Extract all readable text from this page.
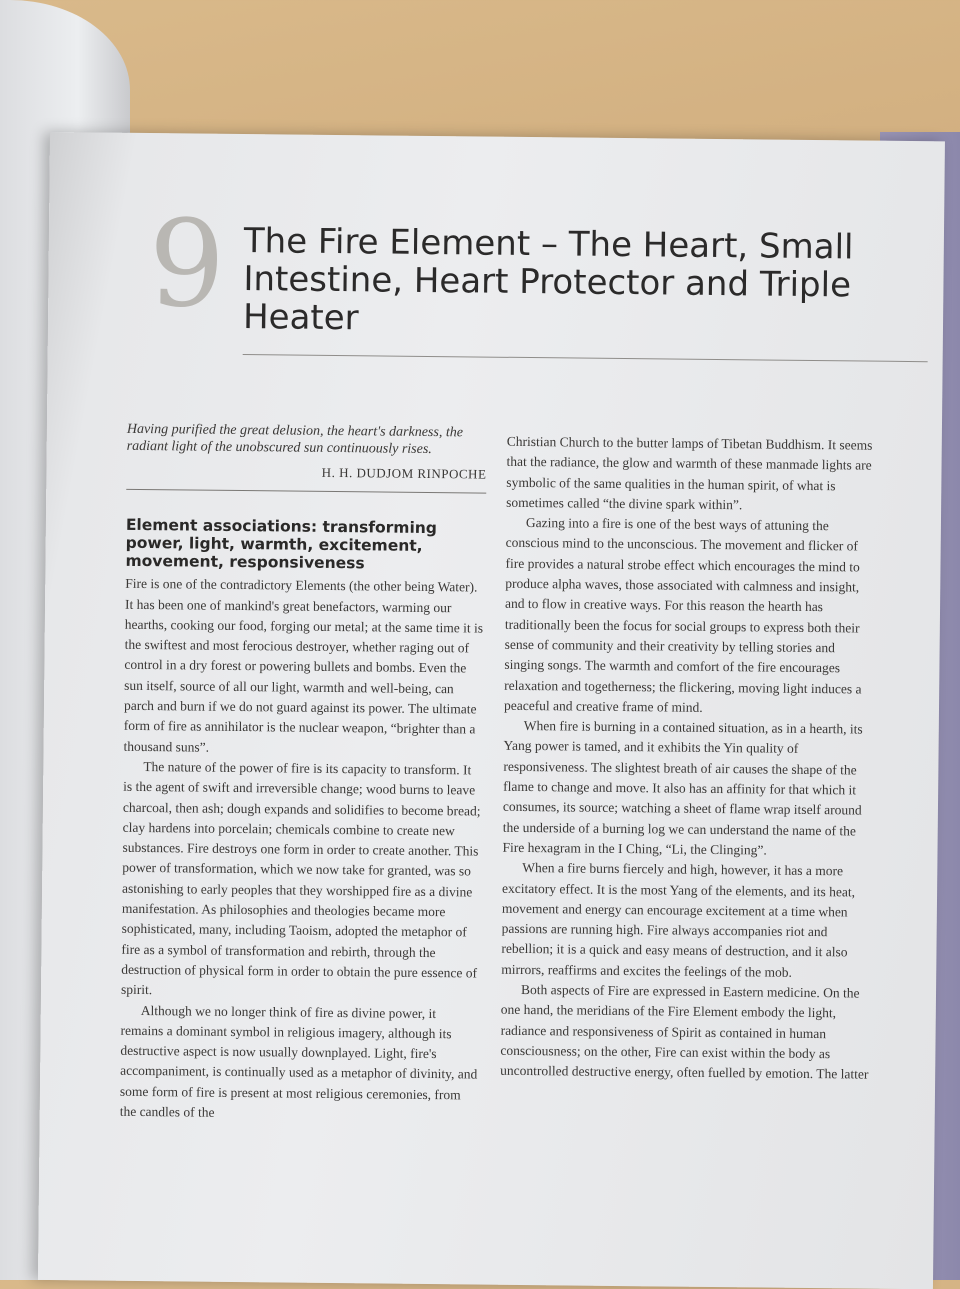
9 The Fire Element – The Heart, Small Intestine, Heart Protector and Triple Heater

Having purified the great delusion, the heart's darkness, the radiant light of the unobscured sun continuously rises.

H. H. DUDJOM RINPOCHE

Element associations: transforming power, light, warmth, excitement, movement, responsiveness

Fire is one of the contradictory Elements (the other being Water). It has been one of mankind's great benefactors, warming our hearths, cooking our food, forging our metal; at the same time it is the swiftest and most ferocious destroyer, whether raging out of control in a dry forest or powering bullets and bombs. Even the sun itself, source of all our light, warmth and well-being, can parch and burn if we do not guard against its power. The ultimate form of fire as annihilator is the nuclear weapon, “brighter than a thousand suns”.

The nature of the power of fire is its capacity to transform. It is the agent of swift and irreversible change; wood burns to leave charcoal, then ash; dough expands and solidifies to become bread; clay hardens into porcelain; chemicals combine to create new substances. Fire destroys one form in order to create another. This power of transformation, which we now take for granted, was so astonishing to early peoples that they worshipped fire as a divine manifestation. As philosophies and theologies became more sophisticated, many, including Taoism, adopted the metaphor of fire as a symbol of transformation and rebirth, through the destruction of physical form in order to obtain the pure essence of spirit.

Although we no longer think of fire as divine power, it remains a dominant symbol in religious imagery, although its destructive aspect is now usually downplayed. Light, fire's accompaniment, is continually used as a metaphor of divinity, and some form of fire is present at most religious ceremonies, from the candles of the

Christian Church to the butter lamps of Tibetan Buddhism. It seems that the radiance, the glow and warmth of these manmade lights are symbolic of the same qualities in the human spirit, of what is sometimes called “the divine spark within”.

Gazing into a fire is one of the best ways of attuning the conscious mind to the unconscious. The movement and flicker of fire provides a natural strobe effect which encourages the mind to produce alpha waves, those associated with calmness and insight, and to flow in creative ways. For this reason the hearth has traditionally been the focus for social groups to express both their sense of community and their creativity by telling stories and singing songs. The warmth and comfort of the fire encourages relaxation and togetherness; the flickering, moving light induces a peaceful and creative frame of mind.

When fire is burning in a contained situation, as in a hearth, its Yang power is tamed, and it exhibits the Yin quality of responsiveness. The slightest breath of air causes the shape of the flame to change and move. It also has an affinity for that which it consumes, its source; watching a sheet of flame wrap itself around the underside of a burning log we can understand the name of the Fire hexagram in the I Ching, “Li, the Clinging”.

When a fire burns fiercely and high, however, it has a more excitatory effect. It is the most Yang of the elements, and its heat, movement and energy can encourage excitement at a time when passions are running high. Fire always accompanies riot and rebellion; it is a quick and easy means of destruction, and it also mirrors, reaffirms and excites the feelings of the mob.

Both aspects of Fire are expressed in Eastern medicine. On the one hand, the meridians of the Fire Element embody the light, radiance and responsiveness of Spirit as contained in human consciousness; on the other, Fire can exist within the body as uncontrolled destructive energy, often fuelled by emotion. The latter
